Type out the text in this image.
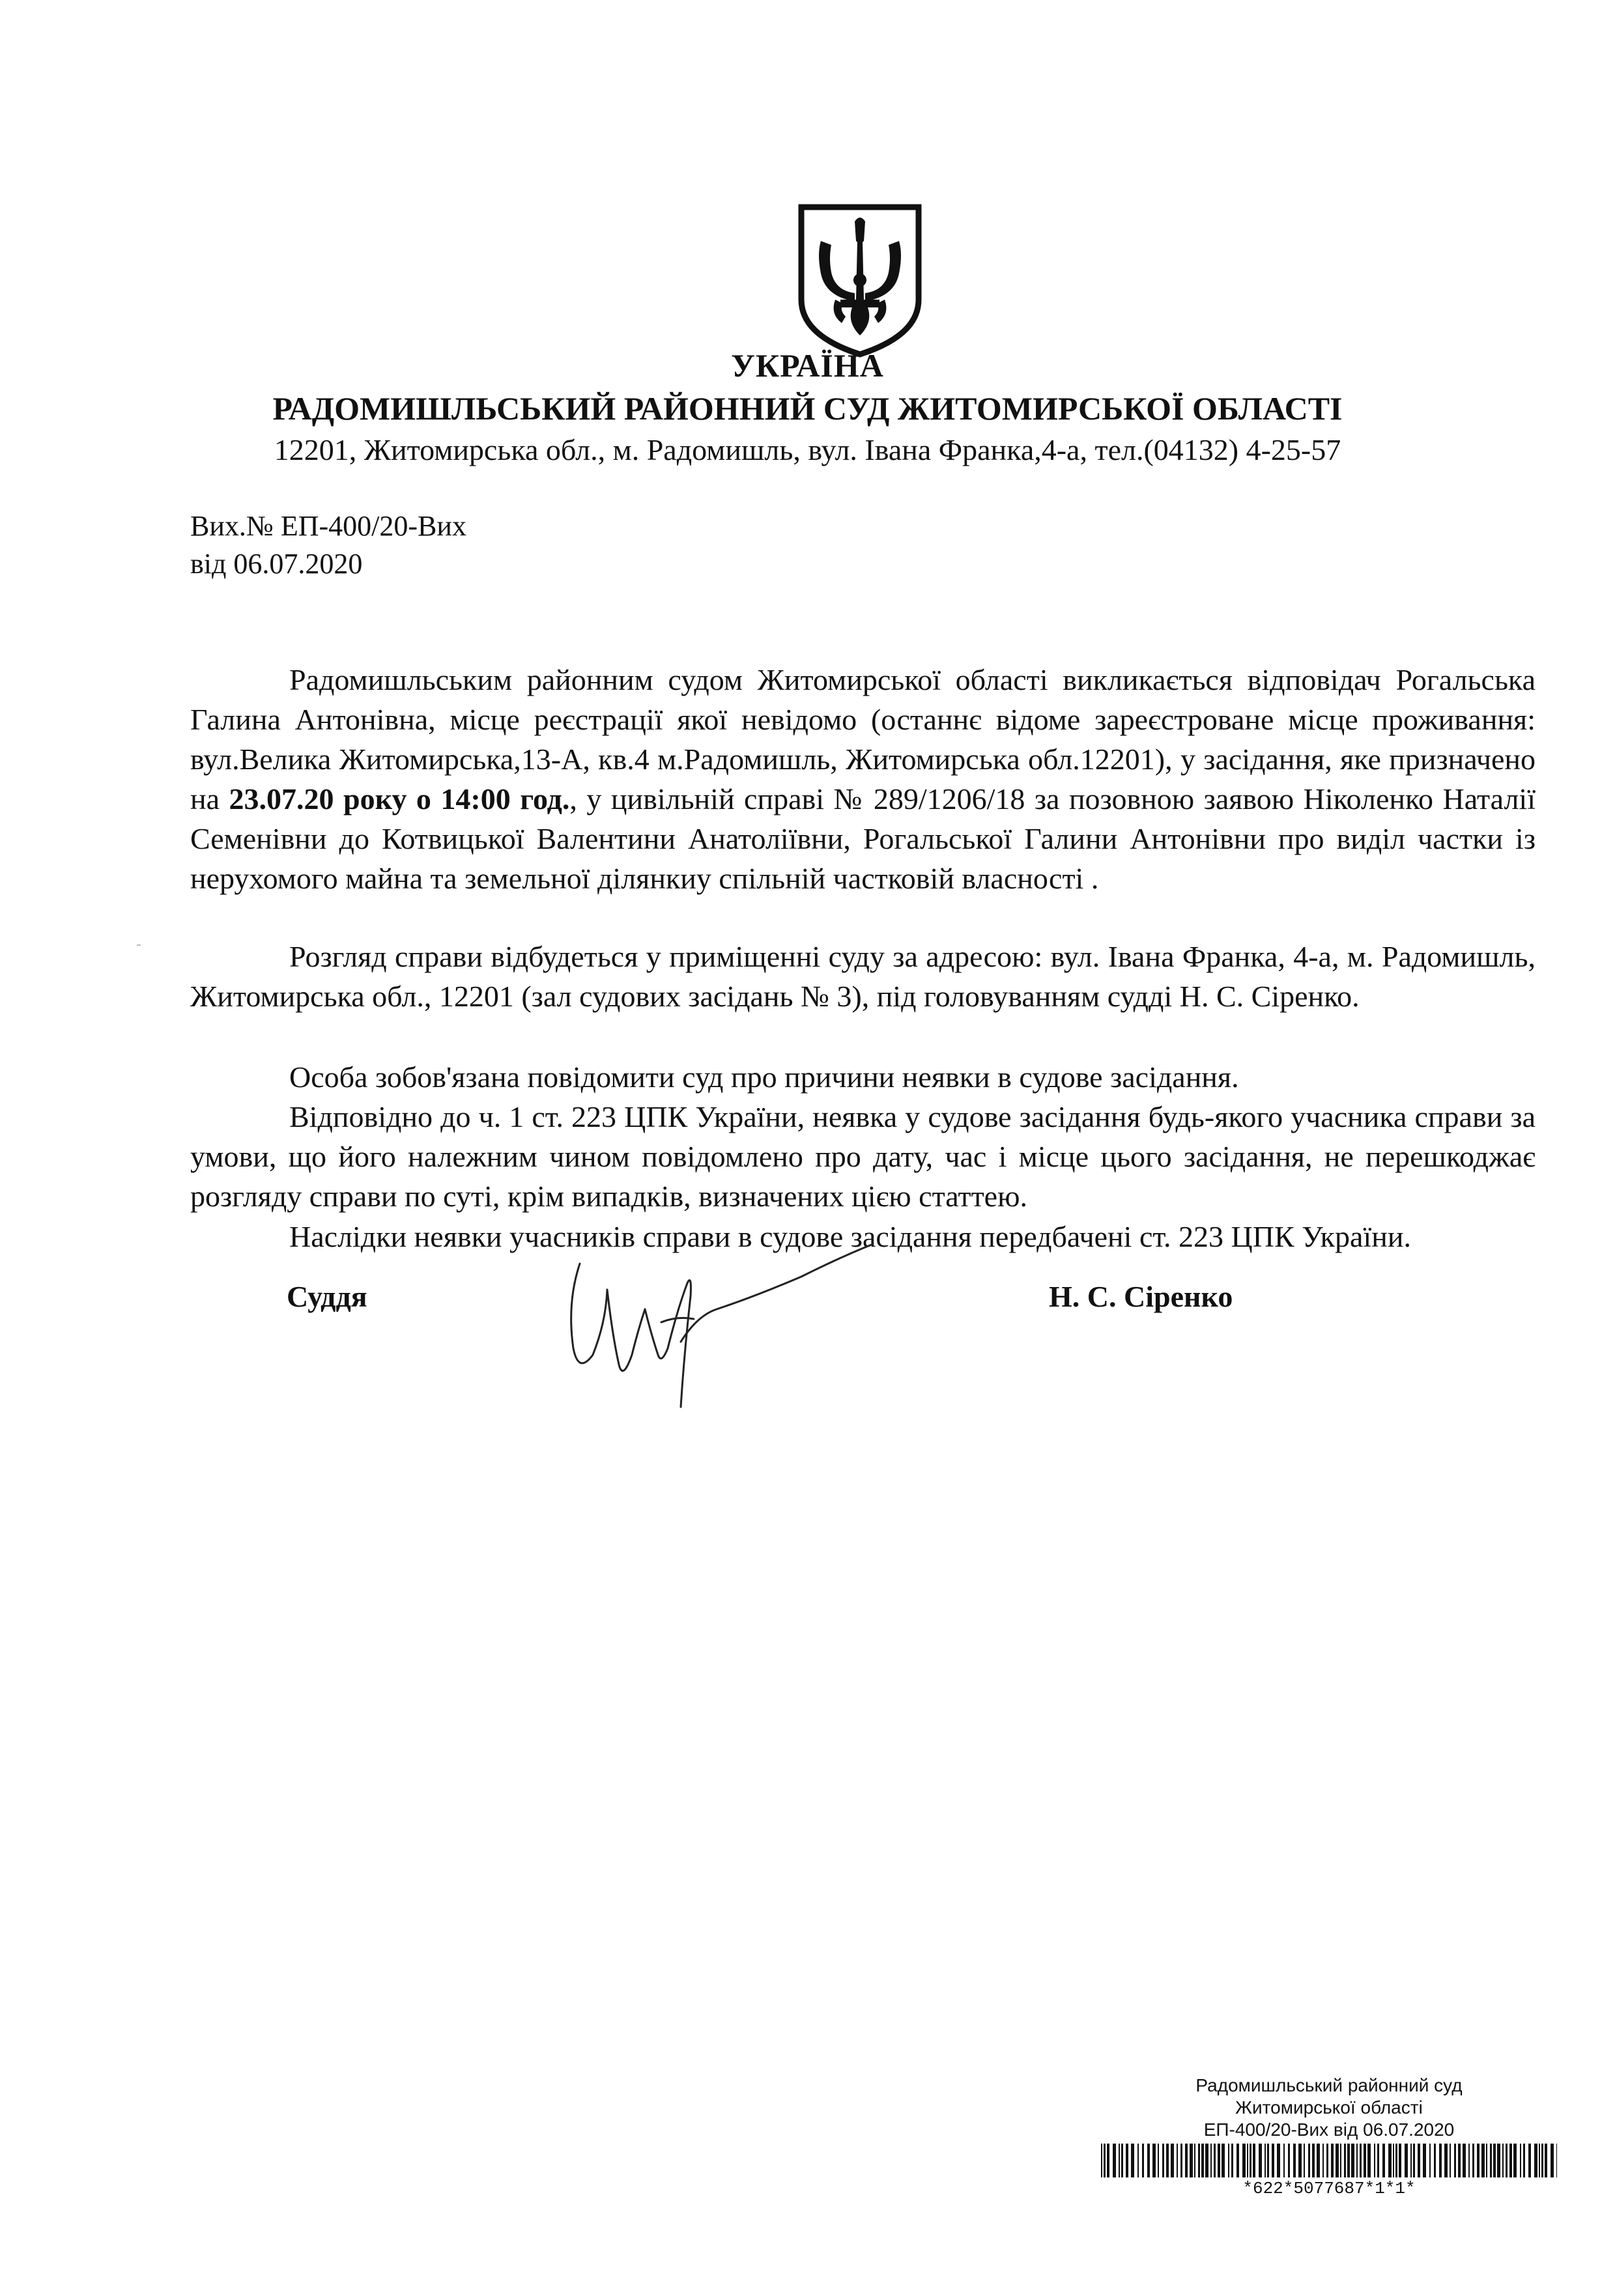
УКРАЇНА
РАДОМИШЛЬСЬКИЙ РАЙОННИЙ СУД ЖИТОМИРСЬКОЇ ОБЛАСТІ
12201, Житомирська обл., м. Радомишль, вул. Івана Франка,4-а, тел.(04132) 4-25-57
Вих.№ ЕП-400/20-Вих
від 06.07.2020

Радомишльським районним судом Житомирської області викликається відповідач Рогальська Галина Антонівна, місце реєстрації якої невідомо (останнє відоме зареєстроване місце проживання: вул.Велика Житомирська,13-А, кв.4 м.Радомишль, Житомирська обл.12201), у засідання, яке призначено на 23.07.20 року о 14:00 год., у цивільній справі № 289/1206/18 за позовною заявою Ніколенко Наталії Семенівни до Котвицької Валентини Анатоліївни, Рогальської Галини Антонівни про виділ частки із нерухомого майна та земельної ділянкиу спільній частковій власності .

Розгляд справи відбудеться у приміщенні суду за адресою: вул. Івана Франка, 4-а, м. Радомишль, Житомирська обл., 12201 (зал судових засідань № 3), під головуванням судді Н. С. Сіренко.

Особа зобов'язана повідомити суд про причини неявки в судове засідання.

Відповідно до ч. 1 ст. 223 ЦПК України, неявка у судове засідання будь-якого учасника справи за умови, що його належним чином повідомлено про дату, час і місце цього засідання, не перешкоджає розгляду справи по суті, крім випадків, визначених цією статтею.

Наслідки неявки учасників справи в судове засідання передбачені ст. 223 ЦПК України.

Суддя	Н. С. Сіренко
Радомишльський районний суд
Житомирської області
ЕП-400/20-Вих від 06.07.2020
*622*5077687*1*1*
